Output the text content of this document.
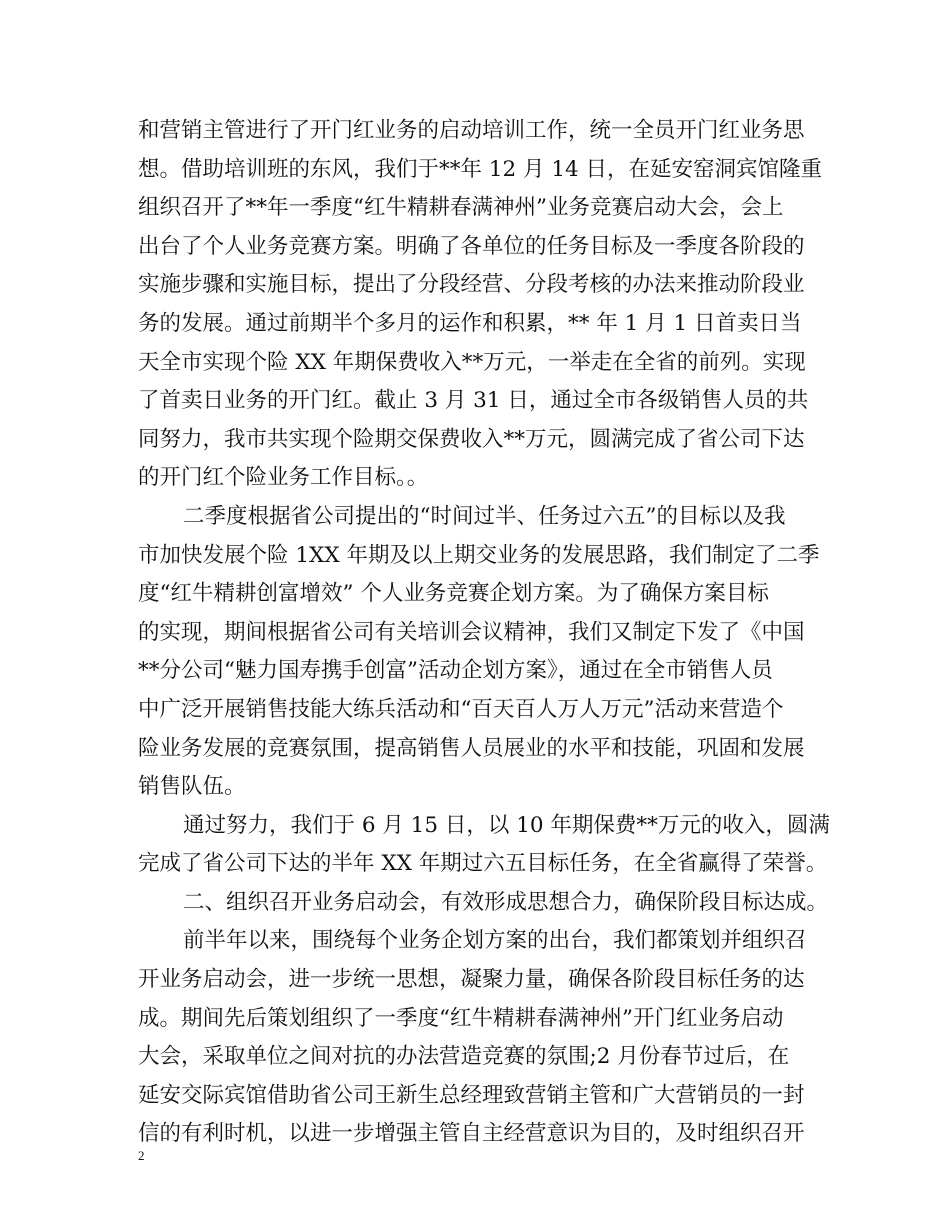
和营销主管进行了开门红业务的启动培训工作，统一全员开门红业务思
想。借助培训班的东风，我们于**年 12 月 14 日，在延安窑洞宾馆隆重
组织召开了**年一季度“红牛精耕春满神州”业务竞赛启动大会，会上
出台了个人业务竞赛方案。明确了各单位的任务目标及一季度各阶段的
实施步骤和实施目标，提出了分段经营、分段考核的办法来推动阶段业
务的发展。通过前期半个多月的运作和积累，** 年 1 月 1 日首卖日当
天全市实现个险 XX 年期保费收入**万元，一举走在全省的前列。实现
了首卖日业务的开门红。截止 3 月 31 日，通过全市各级销售人员的共
同努力，我市共实现个险期交保费收入**万元，圆满完成了省公司下达
的开门红个险业务工作目标。。
二季度根据省公司提出的“时间过半、任务过六五”的目标以及我
市加快发展个险 1XX 年期及以上期交业务的发展思路，我们制定了二季
度“红牛精耕创富增效” 个人业务竞赛企划方案。为了确保方案目标
的实现，期间根据省公司有关培训会议精神，我们又制定下发了《中国
**分公司“魅力国寿携手创富”活动企划方案》，通过在全市销售人员
中广泛开展销售技能大练兵活动和“百天百人万人万元”活动来营造个
险业务发展的竞赛氛围，提高销售人员展业的水平和技能，巩固和发展
销售队伍。
通过努力，我们于 6 月 15 日，以 10 年期保费**万元的收入，圆满
完成了省公司下达的半年 XX 年期过六五目标任务，在全省赢得了荣誉。
二、组织召开业务启动会，有效形成思想合力，确保阶段目标达成。
前半年以来，围绕每个业务企划方案的出台，我们都策划并组织召
开业务启动会，进一步统一思想，凝聚力量，确保各阶段目标任务的达
成。期间先后策划组织了一季度“红牛精耕春满神州”开门红业务启动
大会，采取单位之间对抗的办法营造竞赛的氛围;2 月份春节过后，在
延安交际宾馆借助省公司王新生总经理致营销主管和广大营销员的一封
信的有利时机，以进一步增强主管自主经营意识为目的，及时组织召开
2
